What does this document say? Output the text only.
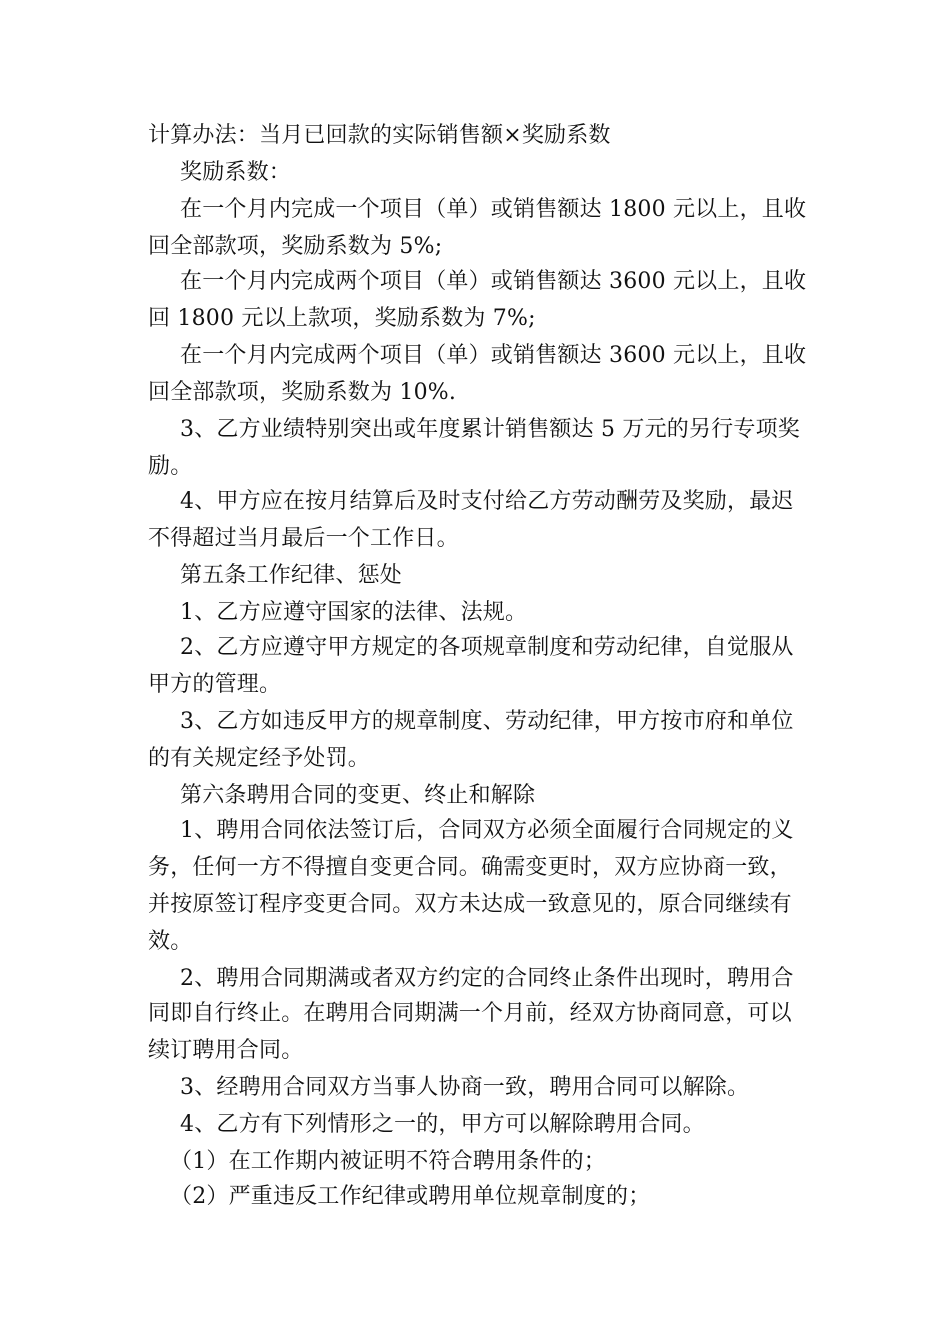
计算办法：当月已回款的实际销售额×奖励系数
奖励系数：
在一个月内完成一个项目（单）或销售额达 1800 元以上，且收
回全部款项，奖励系数为 5%;
在一个月内完成两个项目（单）或销售额达 3600 元以上，且收
回 1800 元以上款项，奖励系数为 7%;
在一个月内完成两个项目（单）或销售额达 3600 元以上，且收
回全部款项，奖励系数为 10%.
3、乙方业绩特别突出或年度累计销售额达 5 万元的另行专项奖
励。
4、甲方应在按月结算后及时支付给乙方劳动酬劳及奖励，最迟
不得超过当月最后一个工作日。
第五条工作纪律、惩处
1、乙方应遵守国家的法律、法规。
2、乙方应遵守甲方规定的各项规章制度和劳动纪律，自觉服从
甲方的管理。
3、乙方如违反甲方的规章制度、劳动纪律，甲方按市府和单位
的有关规定经予处罚。
第六条聘用合同的变更、终止和解除
1、聘用合同依法签订后，合同双方必须全面履行合同规定的义
务，任何一方不得擅自变更合同。确需变更时，双方应协商一致，
并按原签订程序变更合同。双方未达成一致意见的，原合同继续有
效。
2、聘用合同期满或者双方约定的合同终止条件出现时，聘用合
同即自行终止。在聘用合同期满一个月前，经双方协商同意，可以
续订聘用合同。
3、经聘用合同双方当事人协商一致，聘用合同可以解除。
4、乙方有下列情形之一的，甲方可以解除聘用合同。
（1）在工作期内被证明不符合聘用条件的；
（2）严重违反工作纪律或聘用单位规章制度的；
